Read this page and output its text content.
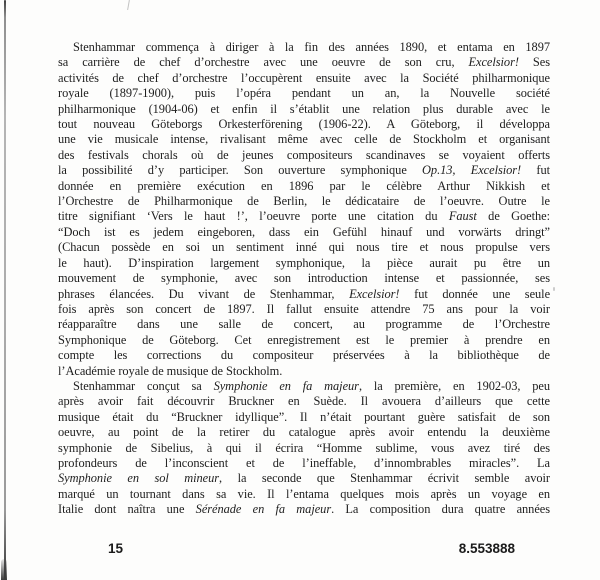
Stenhammar commença à diriger à la fin des années 1890, et entama en 1897
sa carrière de chef d’orchestre avec une oeuvre de son cru, Excelsior! Ses
activités de chef d’orchestre l’occupèrent ensuite avec la Société philharmonique
royale (1897-1900), puis l’opéra pendant un an, la Nouvelle société
philharmonique (1904-06) et enfin il s’établit une relation plus durable avec le
tout nouveau Göteborgs Orkesterförening (1906-22). A Göteborg, il développa
une vie musicale intense, rivalisant même avec celle de Stockholm et organisant
des festivals chorals où de jeunes compositeurs scandinaves se voyaient offerts
la possibilité d’y participer. Son ouverture symphonique Op.13, Excelsior! fut
donnée en première exécution en 1896 par le célèbre Arthur Nikkish et
l’Orchestre de Philharmonique de Berlin, le dédicataire de l’oeuvre. Outre le
titre signifiant ‘Vers le haut !’, l’oeuvre porte une citation du Faust de Goethe:
“Doch ist es jedem eingeboren, dass ein Gefühl hinauf und vorwärts dringt”
(Chacun possède en soi un sentiment inné qui nous tire et nous propulse vers
le haut). D’inspiration largement symphonique, la pièce aurait pu être un
mouvement de symphonie, avec son introduction intense et passionnée, ses
phrases élancées. Du vivant de Stenhammar, Excelsior! fut donnée une seule
fois après son concert de 1897. Il fallut ensuite attendre 75 ans pour la voir
réapparaître dans une salle de concert, au programme de l’Orchestre
Symphonique de Göteborg. Cet enregistrement est le premier à prendre en
compte les corrections du compositeur préservées à la bibliothèque de
l’Académie royale de musique de Stockholm.
Stenhammar conçut sa Symphonie en fa majeur, la première, en 1902-03, peu
après avoir fait découvrir Bruckner en Suède. Il avouera d’ailleurs que cette
musique était du “Bruckner idyllique”. Il n’était pourtant guère satisfait de son
oeuvre, au point de la retirer du catalogue après avoir entendu la deuxième
symphonie de Sibelius, à qui il écrira “Homme sublime, vous avez tiré des
profondeurs de l’inconscient et de l’ineffable, d’innombrables miracles”. La
Symphonie en sol mineur, la seconde que Stenhammar écrivit semble avoir
marqué un tournant dans sa vie. Il l’entama quelques mois après un voyage en
Italie dont naîtra une Sérénade en fa majeur. La composition dura quatre années
15	8.553888
